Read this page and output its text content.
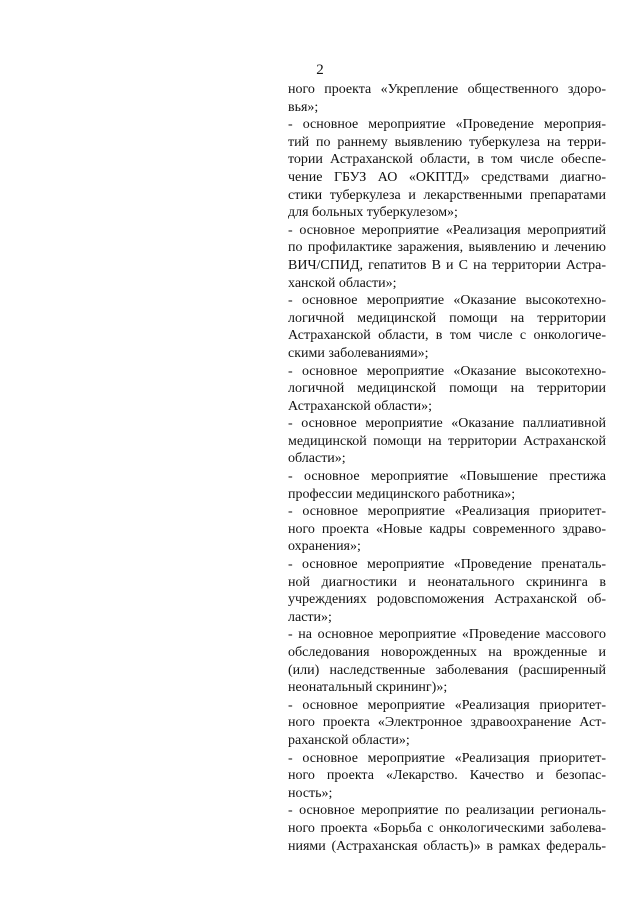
2
ного проекта «Укрепление общественного здоро-
вья»;
- основное мероприятие «Проведение мероприя-
тий по раннему выявлению туберкулеза на терри-
тории Астраханской области, в том числе обеспе-
чение ГБУЗ АО «ОКПТД» средствами диагно-
стики туберкулеза и лекарственными препаратами
для больных туберкулезом»;
- основное мероприятие «Реализация мероприятий
по профилактике заражения, выявлению и лечению
ВИЧ/СПИД, гепатитов В и С на территории Астра-
ханской области»;
- основное мероприятие «Оказание высокотехно-
логичной медицинской помощи на территории
Астраханской области, в том числе с онкологиче-
скими заболеваниями»;
- основное мероприятие «Оказание высокотехно-
логичной медицинской помощи на территории
Астраханской области»;
- основное мероприятие «Оказание паллиативной
медицинской помощи на территории Астраханской
области»;
- основное мероприятие «Повышение престижа
профессии медицинского работника»;
- основное мероприятие «Реализация приоритет-
ного проекта «Новые кадры современного здраво-
охранения»;
- основное мероприятие «Проведение пренаталь-
ной диагностики и неонатального скрининга в
учреждениях родовспоможения Астраханской об-
ласти»;
- на основное мероприятие «Проведение массового
обследования новорожденных на врожденные и
(или) наследственные заболевания (расширенный
неонатальный скрининг)»;
- основное мероприятие «Реализация приоритет-
ного проекта «Электронное здравоохранение Аст-
раханской области»;
- основное мероприятие «Реализация приоритет-
ного проекта «Лекарство. Качество и безопас-
ность»;
- основное мероприятие по реализации региональ-
ного проекта «Борьба с онкологическими заболева-
ниями (Астраханская область)» в рамках федераль-
